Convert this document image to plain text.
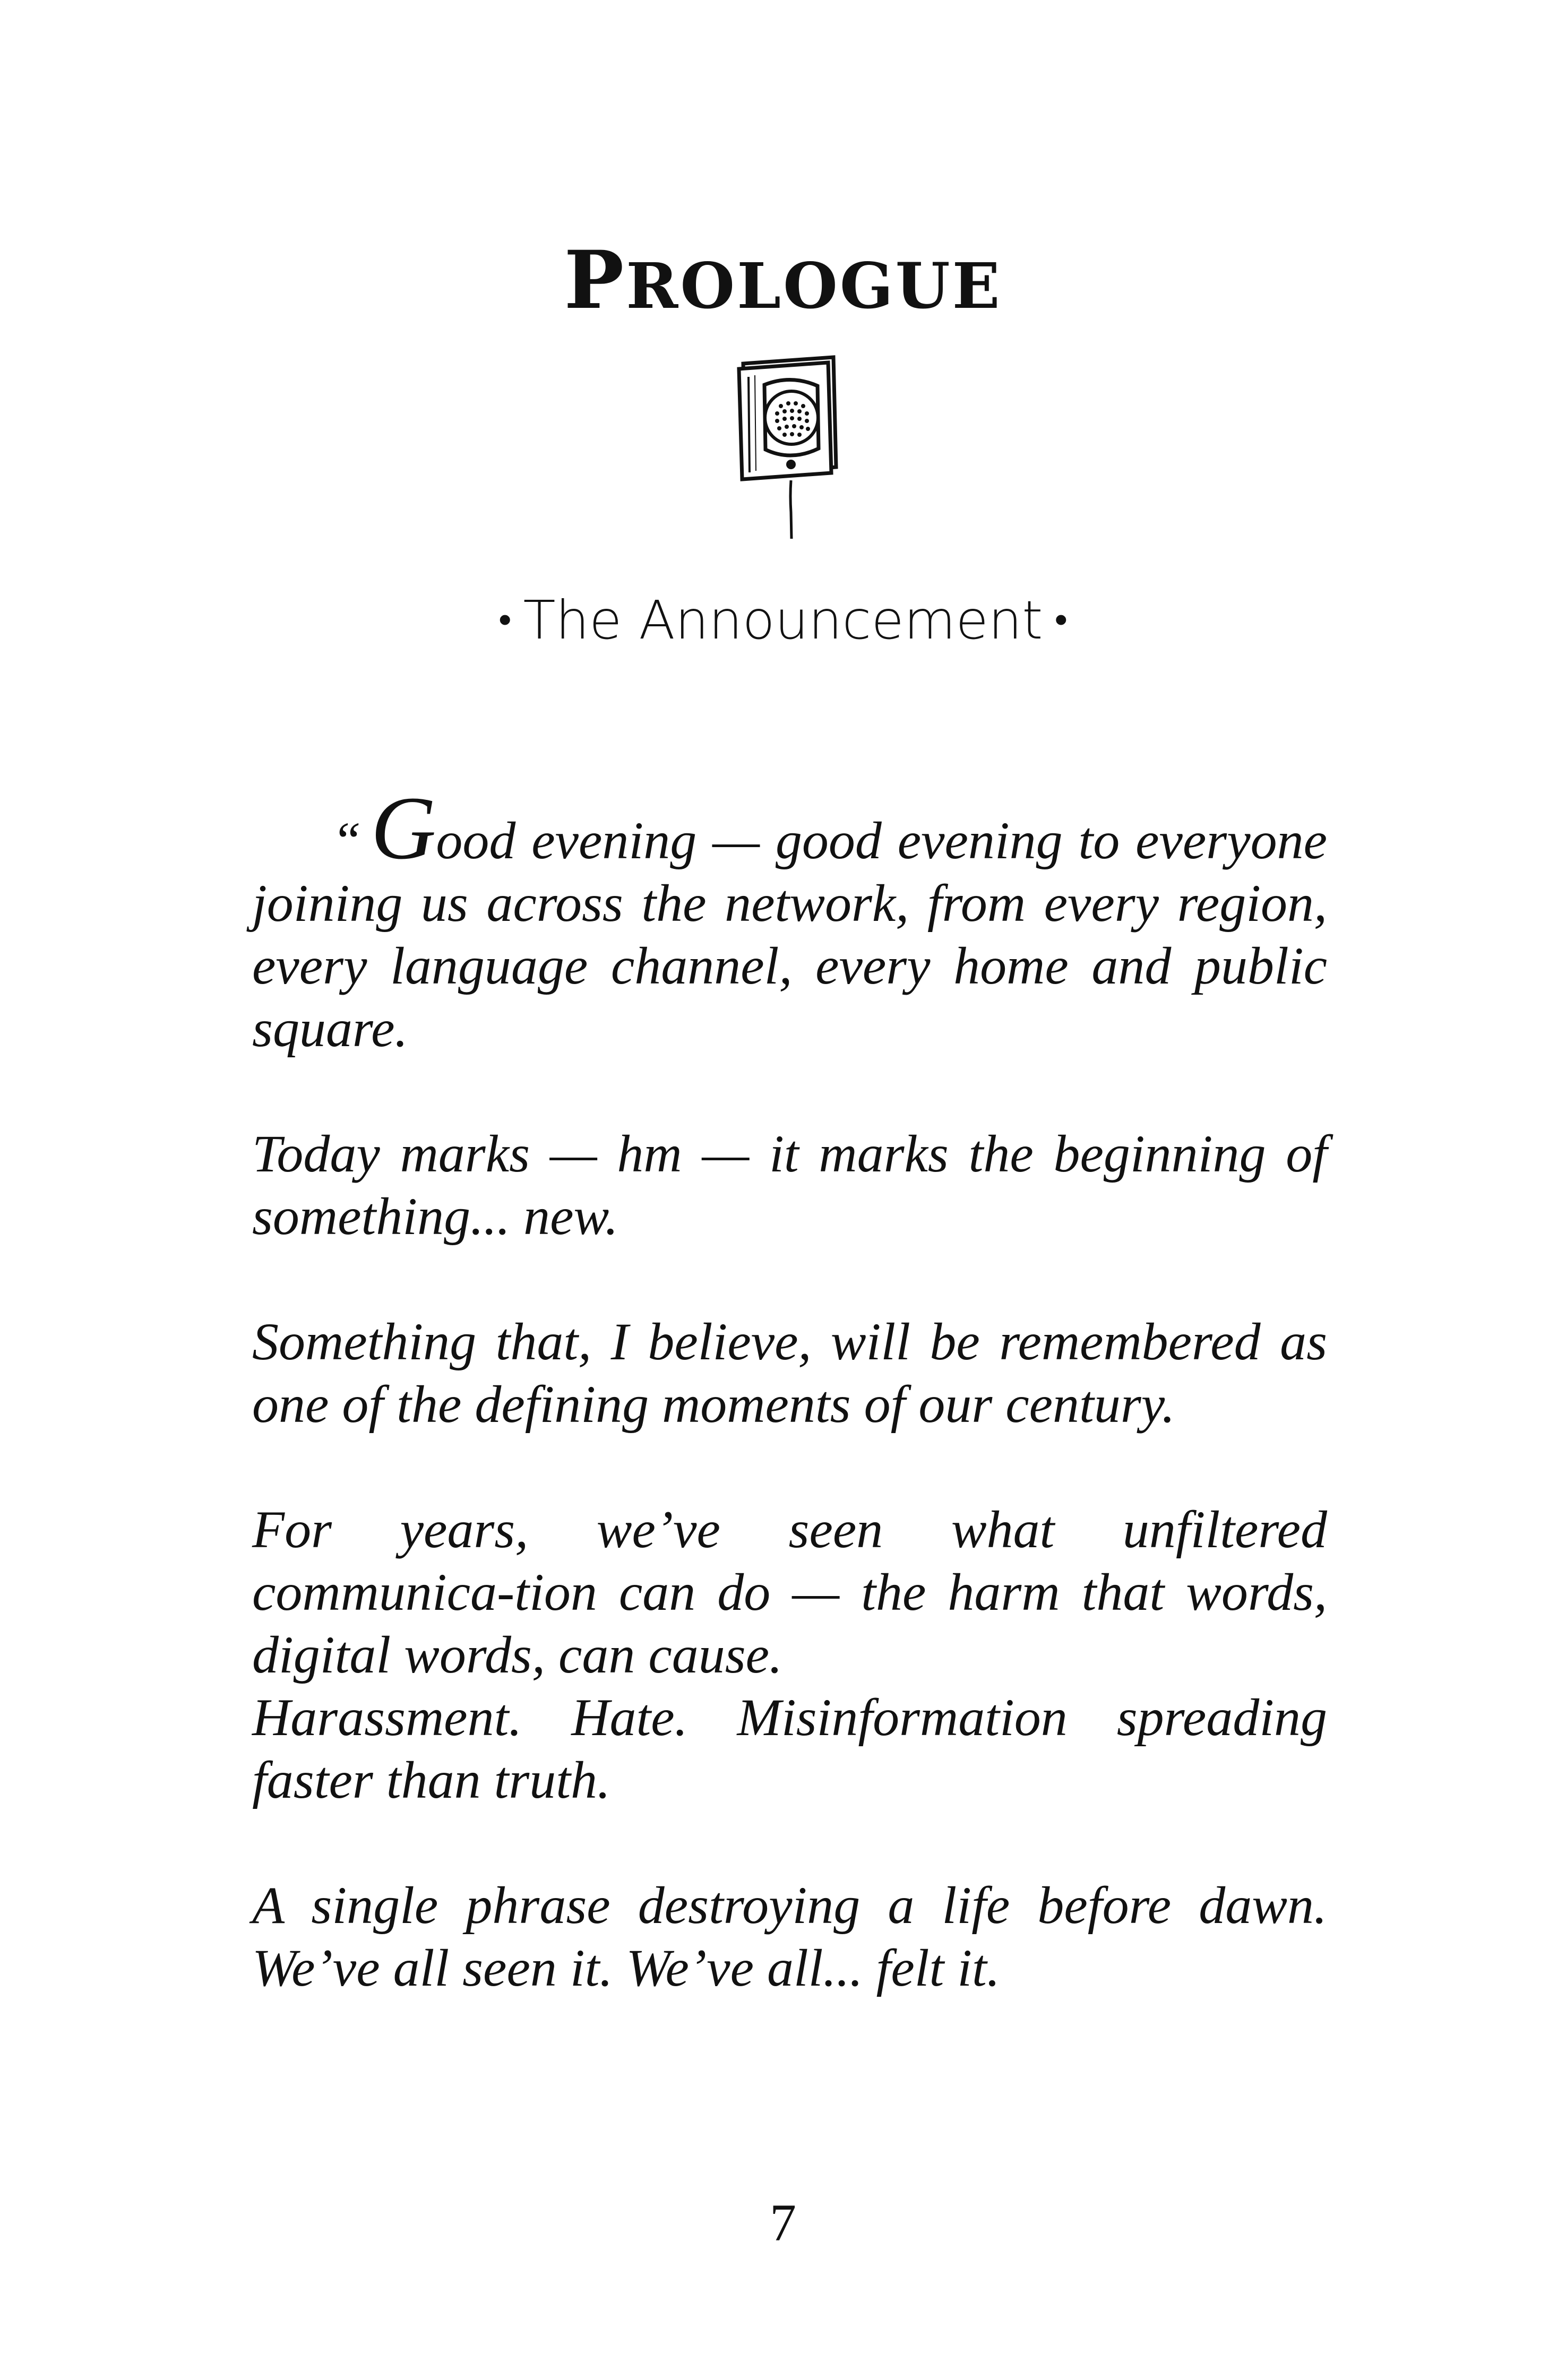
PROLOGUE

• The Announcement •

“ Good evening — good evening to everyone joining us across the network, from every region, every language channel, every home and public square.

Today marks — hm — it marks the beginning of something... new.

Something that, I believe, will be remembered as one of the defining moments of our century.

For years, we’ve seen what unfiltered communica-tion can do — the harm that words, digital words, can cause.

Harassment. Hate. Misinformation spreading faster than truth.

A single phrase destroying a life before dawn. We’ve all seen it. We’ve all... felt it.

7
